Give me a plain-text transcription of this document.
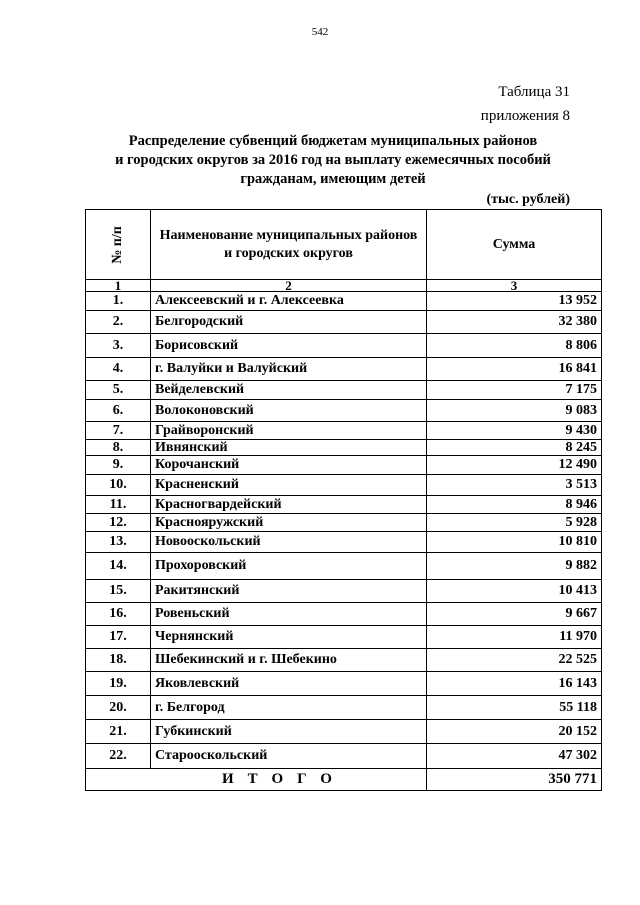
542
Таблица 31
приложения 8
Распределение субвенций бюджетам муниципальных районов
и городских округов за 2016 год на выплату ежемесячных пособий
гражданам, имеющим детей
(тыс. рублей)
№ п/п	Наименование муниципальных районов и городских округов	Сумма
1	2	3
1.	Алексеевский и г. Алексеевка	13 952
2.	Белгородский	32 380
3.	Борисовский	8 806
4.	г. Валуйки и Валуйский	16 841
5.	Вейделевский	7 175
6.	Волоконовский	9 083
7.	Грайворонский	9 430
8.	Ивнянский	8 245
9.	Корочанский	12 490
10.	Красненский	3 513
11.	Красногвардейский	8 946
12.	Краснояружский	5 928
13.	Новооскольский	10 810
14.	Прохоровский	9 882
15.	Ракитянский	10 413
16.	Ровеньский	9 667
17.	Чернянский	11 970
18.	Шебекинский и г. Шебекино	22 525
19.	Яковлевский	16 143
20.	г. Белгород	55 118
21.	Губкинский	20 152
22.	Старооскольский	47 302
ИТОГО		350 771
